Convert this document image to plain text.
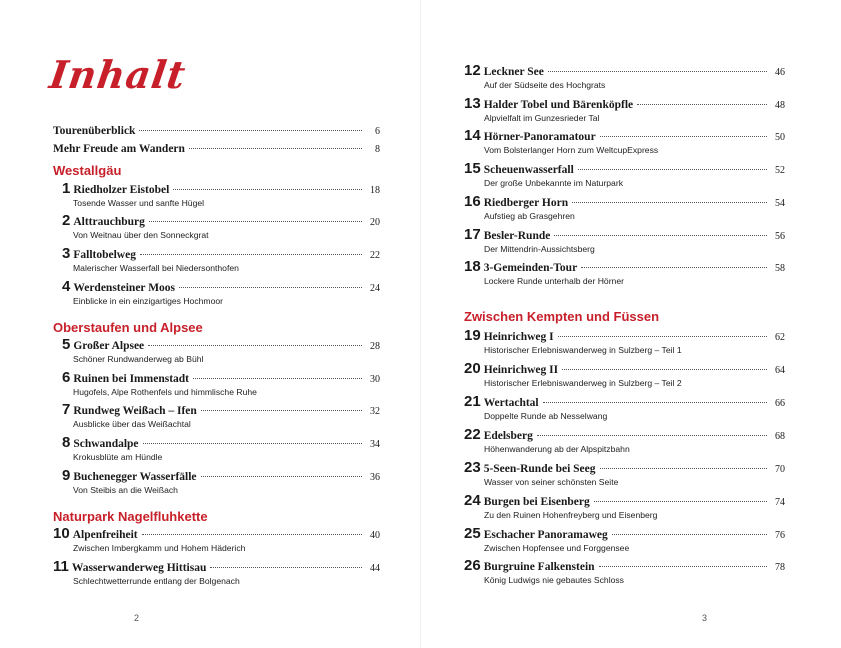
Inhalt
Tourenüberblick	6
Mehr Freude am Wandern	8
Westallgäu
1 Riedholzer Eistobel	18
Tosende Wasser und sanfte Hügel
2 Alttrauchburg	20
Von Weitnau über den Sonneckgrat
3 Falltobelweg	22
Malerischer Wasserfall bei Niedersonthofen
4 Werdensteiner Moos	24
Einblicke in ein einzigartiges Hochmoor
Oberstaufen und Alpsee
5 Großer Alpsee	28
Schöner Rundwanderweg ab Bühl
6 Ruinen bei Immenstadt	30
Hugofels, Alpe Rothenfels und himmlische Ruhe
7 Rundweg Weißach – Ifen	32
Ausblicke über das Weißachtal
8 Schwandalpe	34
Krokusblüte am Hündle
9 Buchenegger Wasserfälle	36
Von Steibis an die Weißach
Naturpark Nagelfluhkette
10 Alpenfreiheit	40
Zwischen Imbergkamm und Hohem Häderich
11 Wasserwanderweg Hittisau	44
Schlechtwetterrunde entlang der Bolgenach
2
12 Leckner See	46
Auf der Südseite des Hochgrats
13 Halder Tobel und Bärenköpfle	48
Alpvielfalt im Gunzesrieder Tal
14 Hörner-Panoramatour	50
Vom Bolsterlanger Horn zum WeltcupExpress
15 Scheuenwasserfall	52
Der große Unbekannte im Naturpark
16 Riedberger Horn	54
Aufstieg ab Grasgehren
17 Besler-Runde	56
Der Mittendrin-Aussichtsberg
18 3-Gemeinden-Tour	58
Lockere Runde unterhalb der Hörner
Zwischen Kempten und Füssen
19 Heinrichweg I	62
Historischer Erlebniswanderweg in Sulzberg – Teil 1
20 Heinrichweg II	64
Historischer Erlebniswanderweg in Sulzberg – Teil 2
21 Wertachtal	66
Doppelte Runde ab Nesselwang
22 Edelsberg	68
Höhenwanderung ab der Alpspitzbahn
23 5-Seen-Runde bei Seeg	70
Wasser von seiner schönsten Seite
24 Burgen bei Eisenberg	74
Zu den Ruinen Hohenfreyberg und Eisenberg
25 Eschacher Panoramaweg	76
Zwischen Hopfensee und Forggensee
26 Burgruine Falkenstein	78
König Ludwigs nie gebautes Schloss
3
